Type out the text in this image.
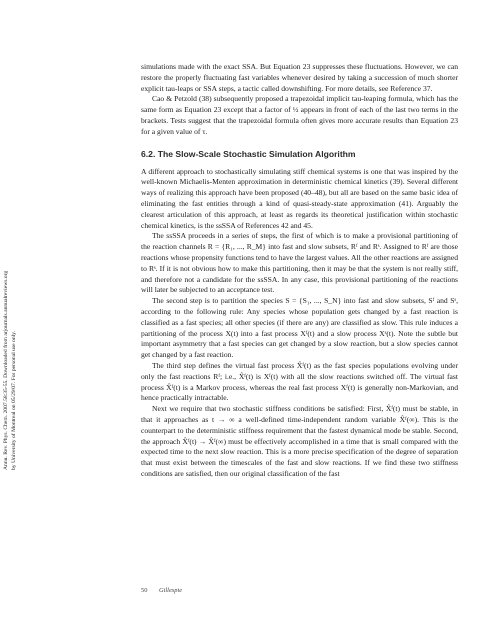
Annu. Rev. Phys. Chem. 2007.58:35-55. Downloaded from arjournals.annualreviews.org by University of Montreal on 05/29/07. For personal use only.

simulations made with the exact SSA. But Equation 23 suppresses these fluctuations. However, we can restore the properly fluctuating fast variables whenever desired by taking a succession of much shorter explicit tau-leaps or SSA steps, a tactic called downshifting. For more details, see Reference 37.

Cao & Petzold (38) subsequently proposed a trapezoidal implicit tau-leaping formula, which has the same form as Equation 23 except that a factor of ½ appears in front of each of the last two terms in the brackets. Tests suggest that the trapezoidal formula often gives more accurate results than Equation 23 for a given value of τ.

6.2. The Slow-Scale Stochastic Simulation Algorithm

A different approach to stochastically simulating stiff chemical systems is one that was inspired by the well-known Michaelis-Menten approximation in deterministic chemical kinetics (39). Several different ways of realizing this approach have been proposed (40–48), but all are based on the same basic idea of eliminating the fast entities through a kind of quasi-steady-state approximation (41). Arguably the clearest articulation of this approach, at least as regards its theoretical justification within stochastic chemical kinetics, is the ssSSA of References 42 and 45.

The ssSSA proceeds in a series of steps, the first of which is to make a provisional partitioning of the reaction channels R = {R₁, ..., R_M} into fast and slow subsets, Rᶠ and Rˢ. Assigned to Rᶠ are those reactions whose propensity functions tend to have the largest values. All the other reactions are assigned to Rˢ. If it is not obvious how to make this partitioning, then it may be that the system is not really stiff, and therefore not a candidate for the ssSSA. In any case, this provisional partitioning of the reactions will later be subjected to an acceptance test.

The second step is to partition the species S = {S₁, ..., S_N} into fast and slow subsets, Sᶠ and Sˢ, according to the following rule: Any species whose population gets changed by a fast reaction is classified as a fast species; all other species (if there are any) are classified as slow. This rule induces a partitioning of the process X(t) into a fast process Xᶠ(t) and a slow process Xˢ(t). Note the subtle but important asymmetry that a fast species can get changed by a slow reaction, but a slow species cannot get changed by a fast reaction.

The third step defines the virtual fast process X̂ᶠ(t) as the fast species populations evolving under only the fast reactions Rᶠ; i.e., X̂ᶠ(t) is Xᶠ(t) with all the slow reactions switched off. The virtual fast process X̂ᶠ(t) is a Markov process, whereas the real fast process Xᶠ(t) is generally non-Markovian, and hence practically intractable.

Next we require that two stochastic stiffness conditions be satisfied: First, X̂ᶠ(t) must be stable, in that it approaches as t → ∞ a well-defined time-independent random variable X̂ᶠ(∞). This is the counterpart to the deterministic stiffness requirement that the fastest dynamical mode be stable. Second, the approach X̂ᶠ(t) → X̂ᶠ(∞) must be effectively accomplished in a time that is small compared with the expected time to the next slow reaction. This is a more precise specification of the degree of separation that must exist between the timescales of the fast and slow reactions. If we find these two stiffness conditions are satisfied, then our original classification of the fast

50 Gillespie
